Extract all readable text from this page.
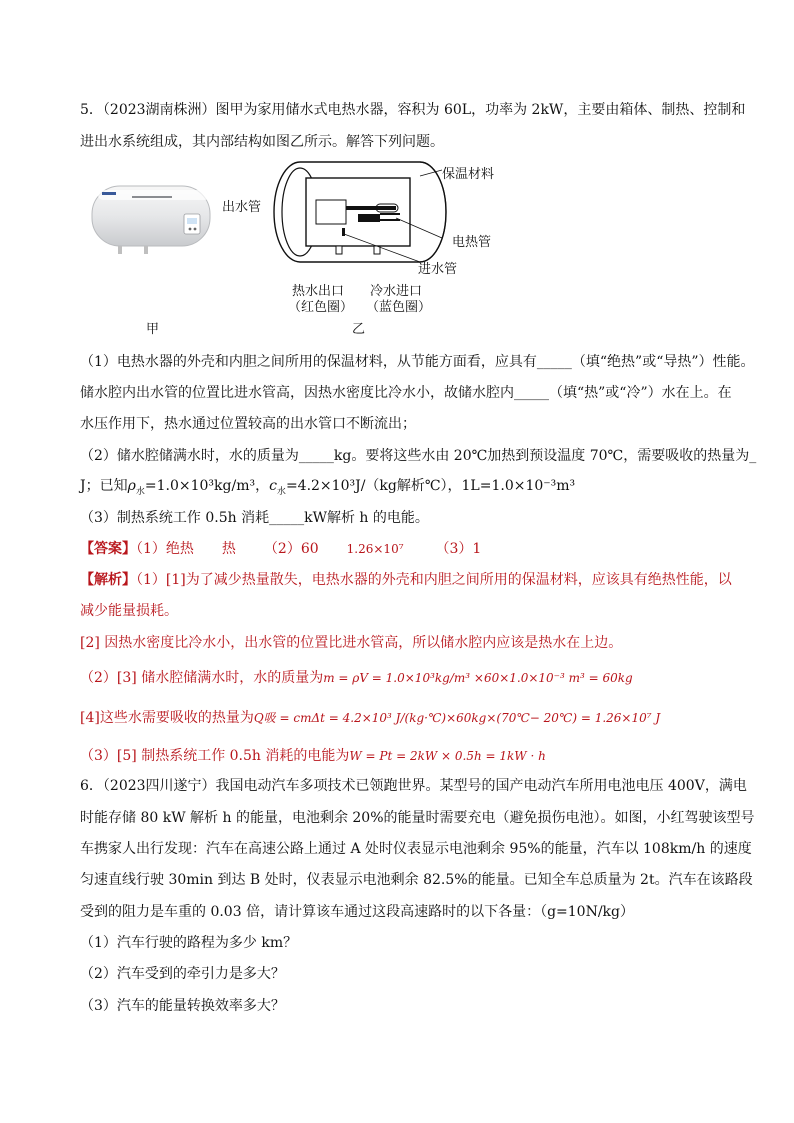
5．（2023湖南株洲）图甲为家用储水式电热水器，容积为 60L，功率为 2kW，主要由箱体、制热、控制和
进出水系统组成，其内部结构如图乙所示。解答下列问题。
甲
保温材料
出水管
电热管
进水管
热水出口
（红色圈）
冷水进口
（蓝色圈）
乙
（1）电热水器的外壳和内胆之间所用的保温材料，从节能方面看，应具有_____（填“绝热”或“导热”）性能。
储水腔内出水管的位置比进水管高，因热水密度比冷水小，故储水腔内_____（填“热”或“冷”）水在上。在
水压作用下，热水通过位置较高的出水管口不断流出；
（2）储水腔储满水时，水的质量为_____kg。要将这些水由 20℃加热到预设温度 70℃，需要吸收的热量为_
J；已知$\rho_水=1.0\times 10^3kg/m^3$，$c_水=4.2\times 10^3J/(kg$解析℃），1L=1.0×10⁻³m³
（3）制热系统工作 0.5h 消耗_____kW解析 h 的电能。
【答案】（1）绝热 热 （2）60 1.26×10⁷ （3）1
【解析】（1）[1]为了减少热量散失，电热水器的外壳和内胆之间所用的保温材料，应该具有绝热性能，以
减少能量损耗。
[2] 因热水密度比冷水小，出水管的位置比进水管高，所以储水腔内应该是热水在上边。
（2）[3] 储水腔储满水时，水的质量为m = ρV = 1.0×10³kg/m³ ×60×1.0×10⁻³ m³ = 60kg
[4]这些水需要吸收的热量为Q吸 = cmΔt = 4.2×10³ J/(kg·℃)×60kg×(70℃− 20℃) = 1.26×10⁷ J
（3）[5] 制热系统工作 0.5h 消耗的电能为W = Pt = 2kW × 0.5h = 1kW · h
6．（2023四川遂宁）我国电动汽车多项技术已领跑世界。某型号的国产电动汽车所用电池电压 400V，满电
时能存储 80 kW 解析 h 的能量，电池剩余 20%的能量时需要充电（避免损伤电池）。如图，小红驾驶该型号
车携家人出行发现：汽车在高速公路上通过 A 处时仪表显示电池剩余 95%的能量，汽车以 108km/h 的速度
匀速直线行驶 30min 到达 B 处时，仪表显示电池剩余 82.5%的能量。已知全车总质量为 2t。汽车在该路段
受到的阻力是车重的 0.03 倍，请计算该车通过这段高速路时的以下各量：（g=10N/kg）
（1）汽车行驶的路程为多少 km？
（2）汽车受到的牵引力是多大？
（3）汽车的能量转换效率多大？
